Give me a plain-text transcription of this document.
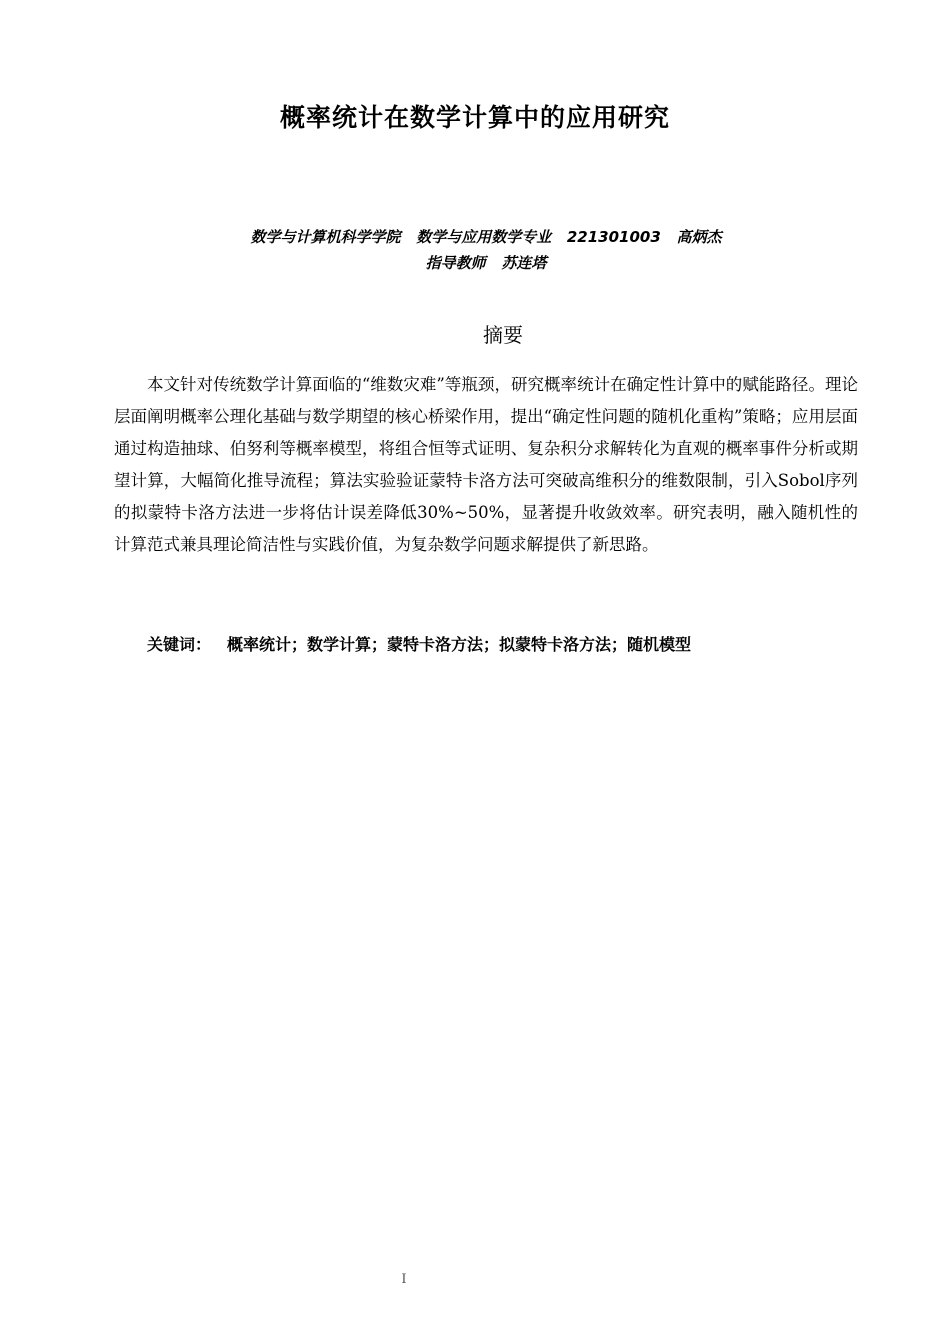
概率统计在数学计算中的应用研究
数学与计算机科学学院 数学与应用数学专业 221301003 高炳杰
指导教师 苏连塔
摘要
本文针对传统数学计算面临的“维数灾难”等瓶颈，研究概率统计在确定性计算中的赋能路径。理论层面阐明概率公理化基础与数学期望的核心桥梁作用，提出“确定性问题的随机化重构”策略；应用层面通过构造抽球、伯努利等概率模型，将组合恒等式证明、复杂积分求解转化为直观的概率事件分析或期望计算，大幅简化推导流程；算法实验验证蒙特卡洛方法可突破高维积分的维数限制，引入Sobol序列的拟蒙特卡洛方法进一步将估计误差降低30%~50%，显著提升收敛效率。研究表明，融入随机性的计算范式兼具理论简洁性与实践价值，为复杂数学问题求解提供了新思路。
关键词： 概率统计；数学计算；蒙特卡洛方法；拟蒙特卡洛方法；随机模型
I
